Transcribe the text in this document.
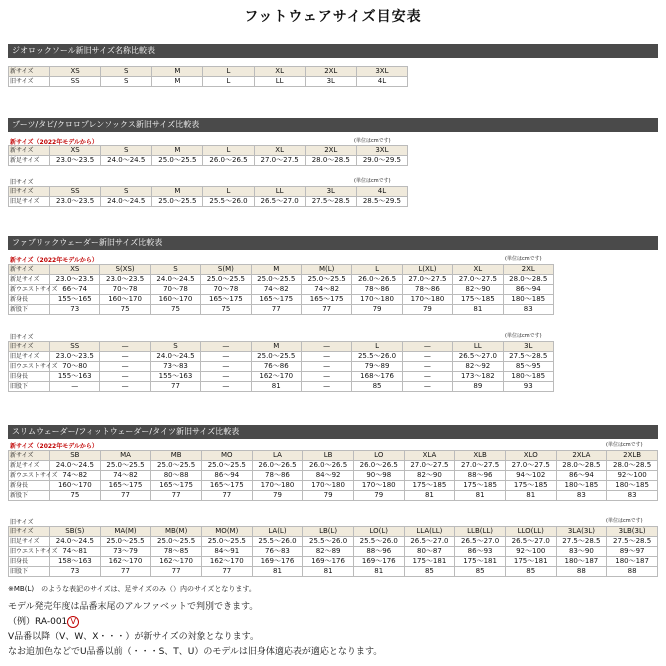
フットウェアサイズ目安表
ジオロックソール新旧サイズ名称比較表
新サイズ	XS	S	M	L	XL	2XL	3XL
旧サイズ	SS	S	M	L	LL	3L	4L
ブーツ/タビ/クロロプレンソックス新旧サイズ比較表
新サイズ（2022年モデルから）	(単位はcmです)
新サイズ	XS	S	M	L	XL	2XL	3XL
新足サイズ	23.0～23.5	24.0～24.5	25.0～25.5	26.0～26.5	27.0～27.5	28.0～28.5	29.0～29.5
旧サイズ	(単位はcmです)
旧サイズ	SS	S	M	L	LL	3L	4L
旧足サイズ	23.0～23.5	24.0～24.5	25.0～25.5	25.5～26.0	26.5～27.0	27.5～28.5	28.5～29.5
ファブリックウェーダー新旧サイズ比較表
新サイズ（2022年モデルから）	(単位はcmです)
新サイズ	XS	S(XS)	S	S(M)	M	M(L)	L	L(XL)	XL	2XL
新足サイズ	23.0～23.5	23.0～23.5	24.0～24.5	25.0～25.5	25.0～25.5	25.0～25.5	26.0～26.5	27.0～27.5	27.0～27.5	28.0～28.5
新ウエストサイズ	66～74	70～78	70～78	70～78	74～82	74～82	78～86	78～86	82～90	86～94
新身長	155～165	160～170	160～170	165～175	165～175	165～175	170～180	170～180	175～185	180～185
新股下	73	75	75	75	77	77	79	79	81	83
旧サイズ	(単位はcmです)
旧サイズ	SS	—	S	—	M	—	L	—	LL	3L
旧足サイズ	23.0～23.5	—	24.0～24.5	—	25.0～25.5	—	25.5～26.0	—	26.5～27.0	27.5～28.5
旧ウエストサイズ	70～80	—	73～83	—	76～86	—	79～89	—	82～92	85～95
旧身長	155～163	—	155～163	—	162～170	—	168～176	—	173～182	180～185
旧股下	—	—	77	—	81	—	85	—	89	93
スリムウェーダー/フィットウェーダー/タイツ新旧サイズ比較表
新サイズ（2022年モデルから）	(単位はcmです)
新サイズ	SB	MA	MB	MO	LA	LB	LO	XLA	XLB	XLO	2XLA	2XLB
新足サイズ	24.0～24.5	25.0～25.5	25.0～25.5	25.0～25.5	26.0～26.5	26.0～26.5	26.0～26.5	27.0～27.5	27.0～27.5	27.0～27.5	28.0～28.5	28.0～28.5
新ウエストサイズ	74～82	74～82	80～88	86～94	78～86	84～92	90～98	82～90	88～96	94～102	86～94	92～100
新身長	160～170	165～175	165～175	165～175	170～180	170～180	170～180	175～185	175～185	175～185	180～185	180～185
新股下	75	77	77	77	79	79	79	81	81	81	83	83
旧サイズ	(単位はcmです)
旧サイズ	SB(S)	MA(M)	MB(M)	MO(M)	LA(L)	LB(L)	LO(L)	LLA(LL)	LLB(LL)	LLO(LL)	3LA(3L)	3LB(3L)
旧足サイズ	24.0～24.5	25.0～25.5	25.0～25.5	25.0～25.5	25.5～26.0	25.5～26.0	25.5～26.0	26.5～27.0	26.5～27.0	26.5～27.0	27.5～28.5	27.5～28.5
旧ウエストサイズ	74～81	73～79	78～85	84～91	76～83	82～89	88～96	80～87	86～93	92～100	83～90	89～97
旧身長	158～163	162～170	162～170	162～170	169～176	169～176	169～176	175～181	175～181	175～181	180～187	180～187
旧股下	73	77	77	77	81	81	81	85	85	85	88	88
※MB(L)　のような表記のサイズは、足サイズのみ（）内のサイズとなります。
モデル発売年度は品番末尾のアルファベットで判別できます。
（例）RA-001 V
V品番以降（V、W、X・・・）が新サイズの対象となります。
なお追加色などでU品番以前（・・・S、T、U）のモデルは旧身体適応表が適応となります。
